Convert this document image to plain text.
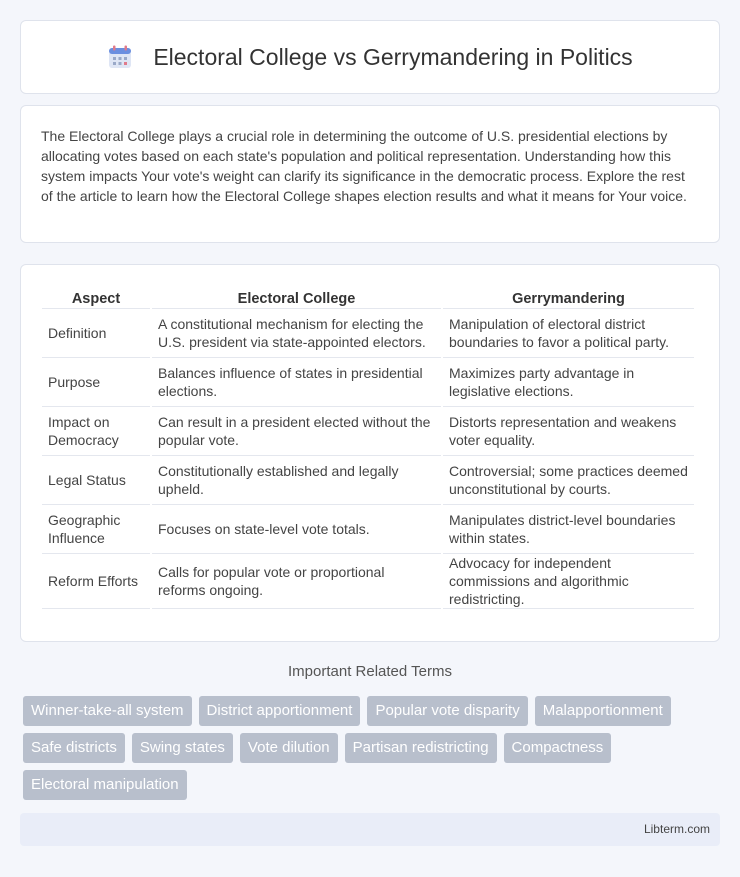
Electoral College vs Gerrymandering in Politics

The Electoral College plays a crucial role in determining the outcome of U.S. presidential elections by allocating votes based on each state's population and political representation. Understanding how this system impacts Your vote's weight can clarify its significance in the democratic process. Explore the rest of the article to learn how the Electoral College shapes election results and what it means for Your voice.

Aspect	Electoral College	Gerrymandering
Definition	A constitutional mechanism for electing the U.S. president via state-appointed electors.	Manipulation of electoral district boundaries to favor a political party.
Purpose	Balances influence of states in presidential elections.	Maximizes party advantage in legislative elections.
Impact on Democracy	Can result in a president elected without the popular vote.	Distorts representation and weakens voter equality.
Legal Status	Constitutionally established and legally upheld.	Controversial; some practices deemed unconstitutional by courts.
Geographic Influence	Focuses on state-level vote totals.	Manipulates district-level boundaries within states.
Reform Efforts	Calls for popular vote or proportional reforms ongoing.	Advocacy for independent commissions and algorithmic redistricting.
Important Related Terms
Winner-take-all system	District apportionment	Popular vote disparity	Malapportionment
Safe districts	Swing states	Vote dilution	Partisan redistricting	Compactness
Electoral manipulation
Libterm.com
